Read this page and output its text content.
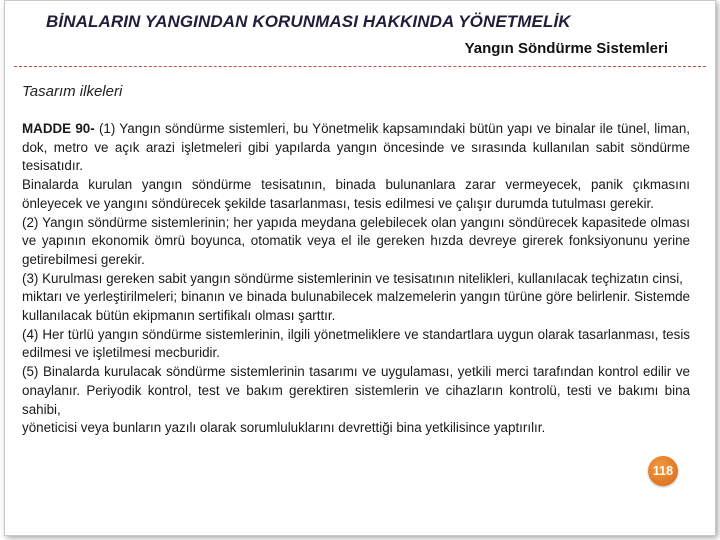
BİNALARIN YANGINDAN KORUNMASI HAKKINDA YÖNETMELİK
Yangın Söndürme Sistemleri
Tasarım ilkeleri

MADDE 90- (1) Yangın söndürme sistemleri, bu Yönetmelik kapsamındaki bütün yapı ve binalar ile tünel, liman, dok, metro ve açık arazi işletmeleri gibi yapılarda yangın öncesinde ve sırasında kullanılan sabit söndürme tesisatıdır.

Binalarda kurulan yangın söndürme tesisatının, binada bulunanlara zarar vermeyecek, panik çıkmasını önleyecek ve yangını söndürecek şekilde tasarlanması, tesis edilmesi ve çalışır durumda tutulması gerekir.

(2) Yangın söndürme sistemlerinin; her yapıda meydana gelebilecek olan yangını söndürecek kapasitede olması ve yapının ekonomik ömrü boyunca, otomatik veya el ile gereken hızda devreye girerek fonksiyonunu yerine getirebilmesi gerekir.

(3) Kurulması gereken sabit yangın söndürme sistemlerinin ve tesisatının nitelikleri, kullanılacak teçhizatın cinsi,

miktarı ve yerleştirilmeleri; binanın ve binada bulunabilecek malzemelerin yangın türüne göre belirlenir. Sistemde kullanılacak bütün ekipmanın sertifikalı olması şarttır.

(4) Her türlü yangın söndürme sistemlerinin, ilgili yönetmeliklere ve standartlara uygun olarak tasarlanması, tesis edilmesi ve işletilmesi mecburidir.

(5) Binalarda kurulacak söndürme sistemlerinin tasarımı ve uygulaması, yetkili merci tarafından kontrol edilir ve onaylanır. Periyodik kontrol, test ve bakım gerektiren sistemlerin ve cihazların kontrolü, testi ve bakımı bina sahibi,

yöneticisi veya bunların yazılı olarak sorumluluklarını devrettiği bina yetkilisince yaptırılır.

118
